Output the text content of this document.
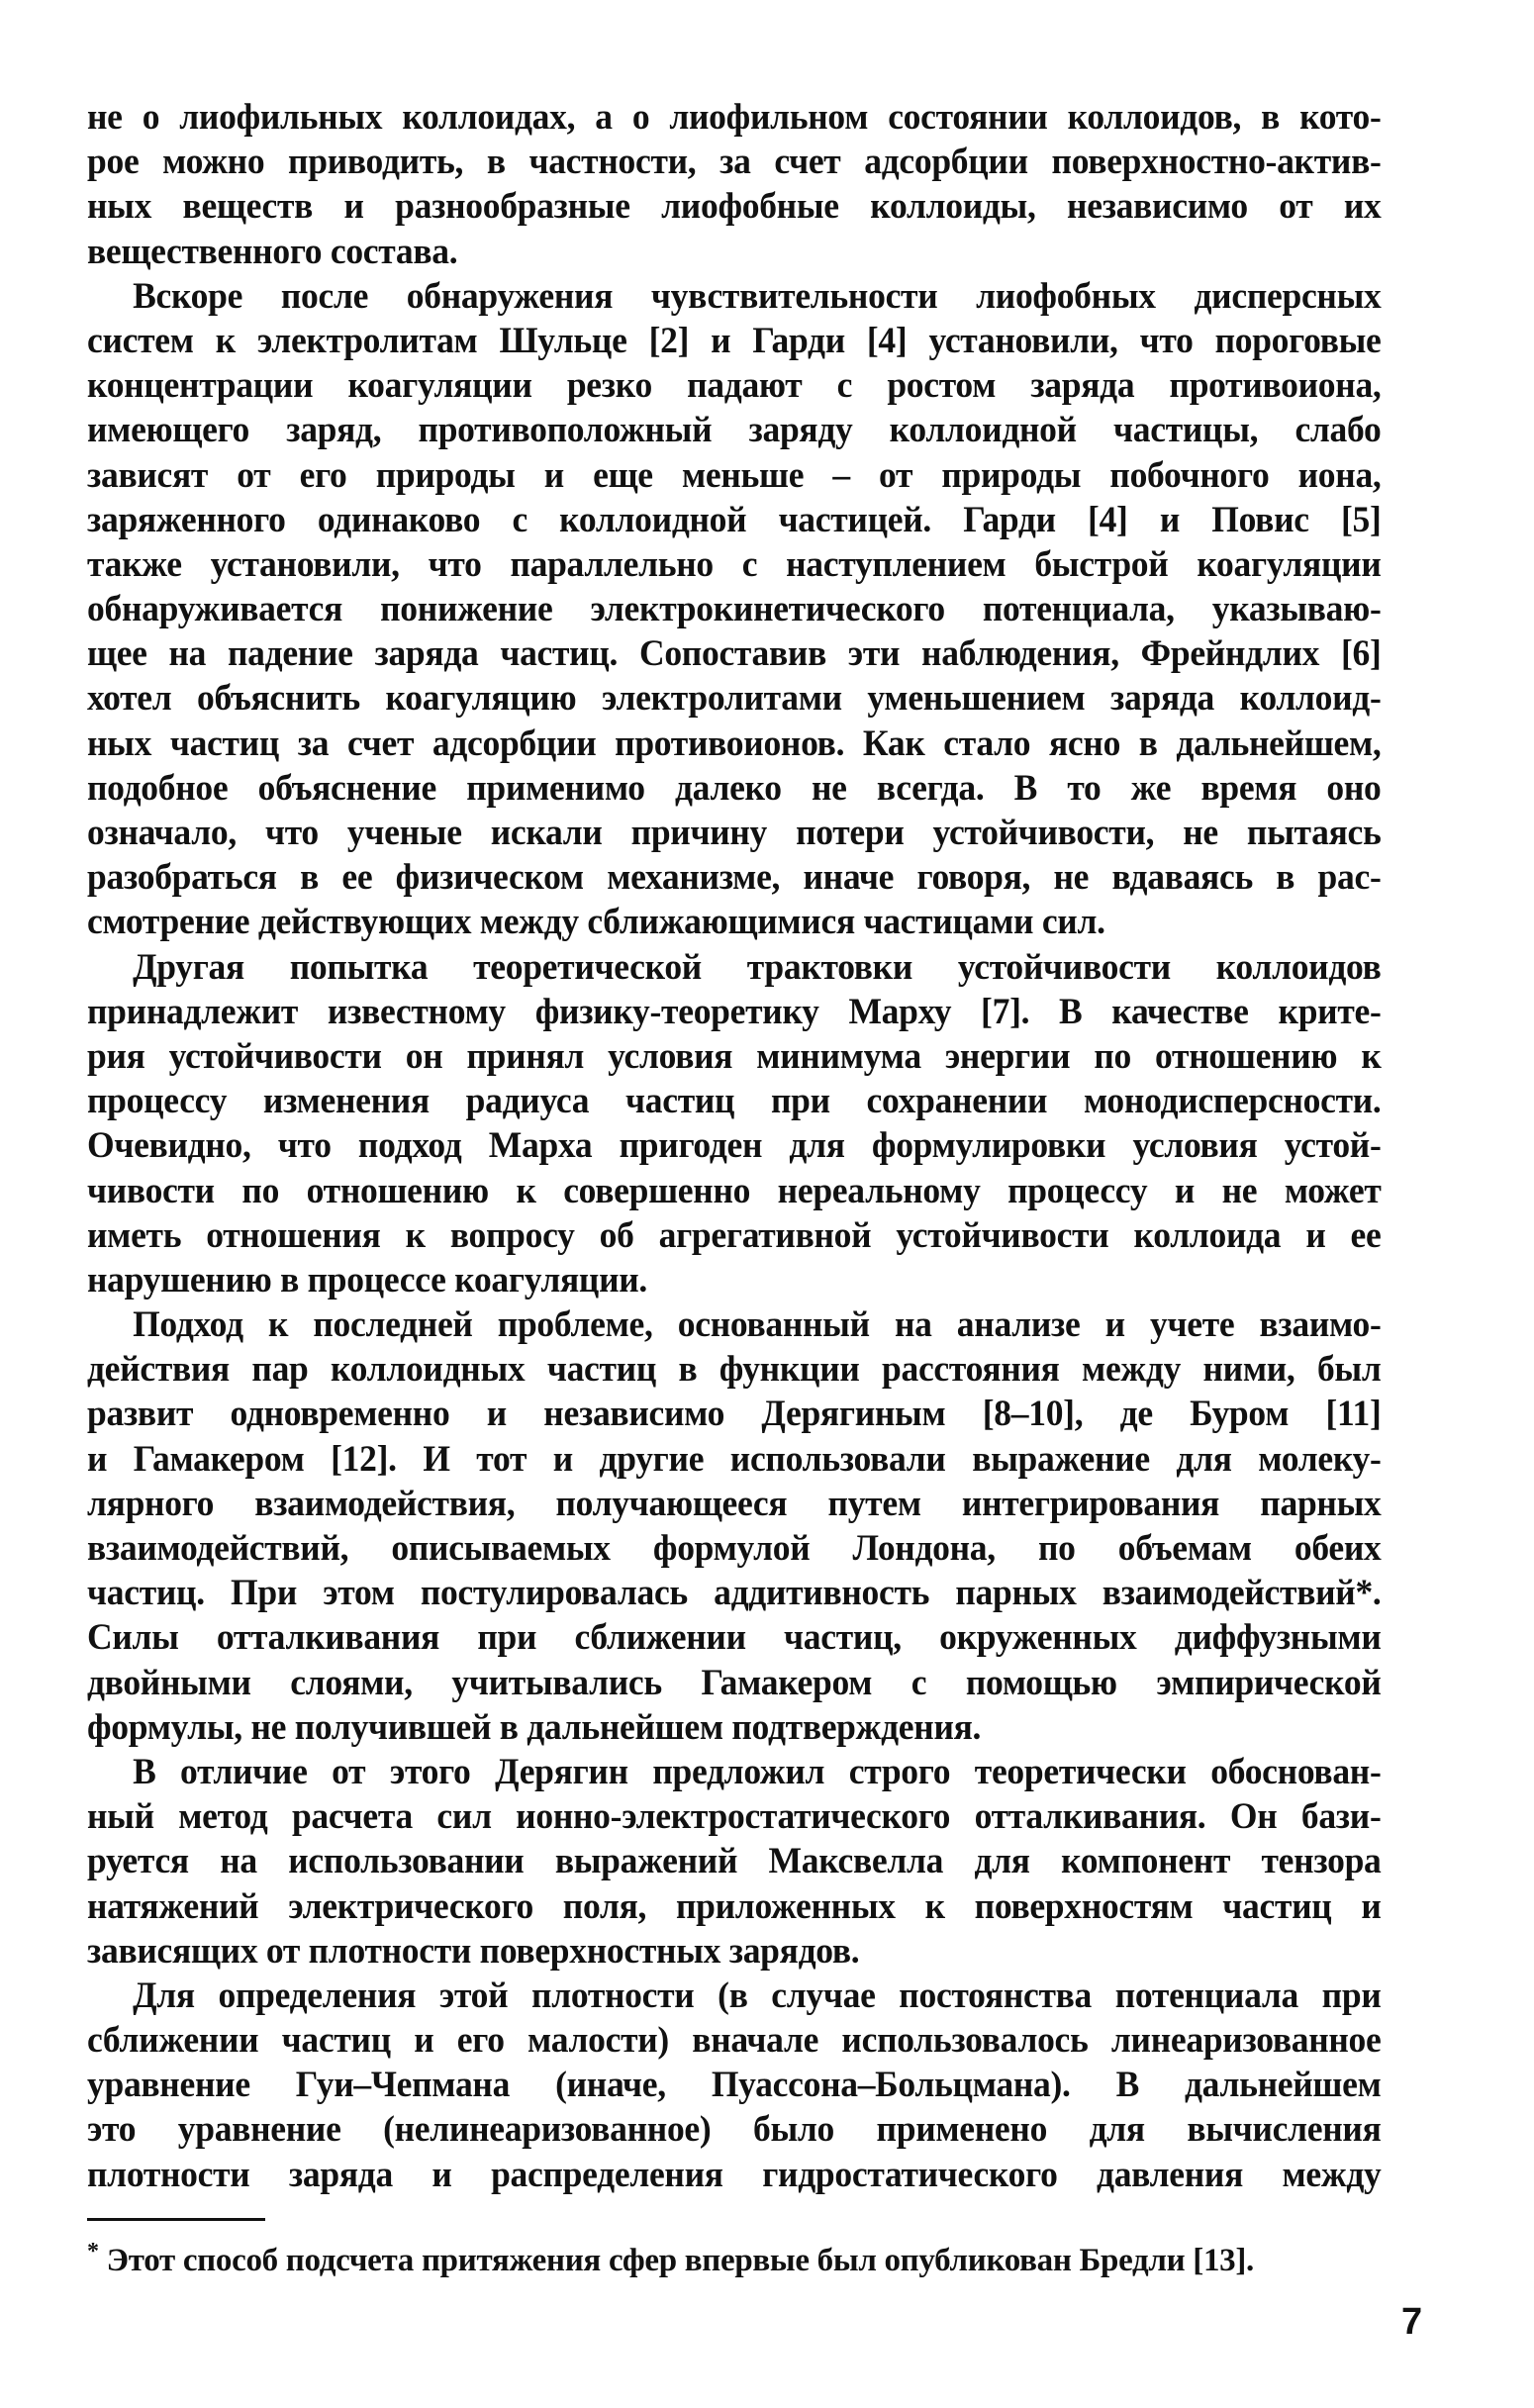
не о лиофильных коллоидах, а о лиофильном состоянии коллоидов, в кото-
рое можно приводить, в частности, за счет адсорбции поверхностно-актив-
ных веществ и разнообразные лиофобные коллоиды, независимо от их
вещественного состава.
Вскоре после обнаружения чувствительности лиофобных дисперсных
систем к электролитам Шульце [2] и Гарди [4] установили, что пороговые
концентрации коагуляции резко падают с ростом заряда противоиона,
имеющего заряд, противоположный заряду коллоидной частицы, слабо
зависят от его природы и еще меньше – от природы побочного иона,
заряженного одинаково с коллоидной частицей. Гарди [4] и Повис [5]
также установили, что параллельно с наступлением быстрой коагуляции
обнаруживается понижение электрокинетического потенциала, указываю-
щее на падение заряда частиц. Сопоставив эти наблюдения, Фрейндлих [6]
хотел объяснить коагуляцию электролитами уменьшением заряда коллоид-
ных частиц за счет адсорбции противоионов. Как стало ясно в дальнейшем,
подобное объяснение применимо далеко не всегда. В то же время оно
означало, что ученые искали причину потери устойчивости, не пытаясь
разобраться в ее физическом механизме, иначе говоря, не вдаваясь в рас-
смотрение действующих между сближающимися частицами сил.
Другая попытка теоретической трактовки устойчивости коллоидов
принадлежит известному физику-теоретику Марху [7]. В качестве крите-
рия устойчивости он принял условия минимума энергии по отношению к
процессу изменения радиуса частиц при сохранении монодисперсности.
Очевидно, что подход Марха пригоден для формулировки условия устой-
чивости по отношению к совершенно нереальному процессу и не может
иметь отношения к вопросу об агрегативной устойчивости коллоида и ее
нарушению в процессе коагуляции.
Подход к последней проблеме, основанный на анализе и учете взаимо-
действия пар коллоидных частиц в функции расстояния между ними, был
развит одновременно и независимо Дерягиным [8–10], де Буром [11]
и Гамакером [12]. И тот и другие использовали выражение для молеку-
лярного взаимодействия, получающееся путем интегрирования парных
взаимодействий, описываемых формулой Лондона, по объемам обеих
частиц. При этом постулировалась аддитивность парных взаимодействий*.
Силы отталкивания при сближении частиц, окруженных диффузными
двойными слоями, учитывались Гамакером с помощью эмпирической
формулы, не получившей в дальнейшем подтверждения.
В отличие от этого Дерягин предложил строго теоретически обоснован-
ный метод расчета сил ионно-электростатического отталкивания. Он бази-
руется на использовании выражений Максвелла для компонент тензора
натяжений электрического поля, приложенных к поверхностям частиц и
зависящих от плотности поверхностных зарядов.
Для определения этой плотности (в случае постоянства потенциала при
сближении частиц и его малости) вначале использовалось линеаризованное
уравнение Гуи–Чепмана (иначе, Пуассона–Больцмана). В дальнейшем
это уравнение (нелинеаризованное) было применено для вычисления
плотности заряда и распределения гидростатического давления между
* Этот способ подсчета притяжения сфер впервые был опубликован Бредли [13].
7
